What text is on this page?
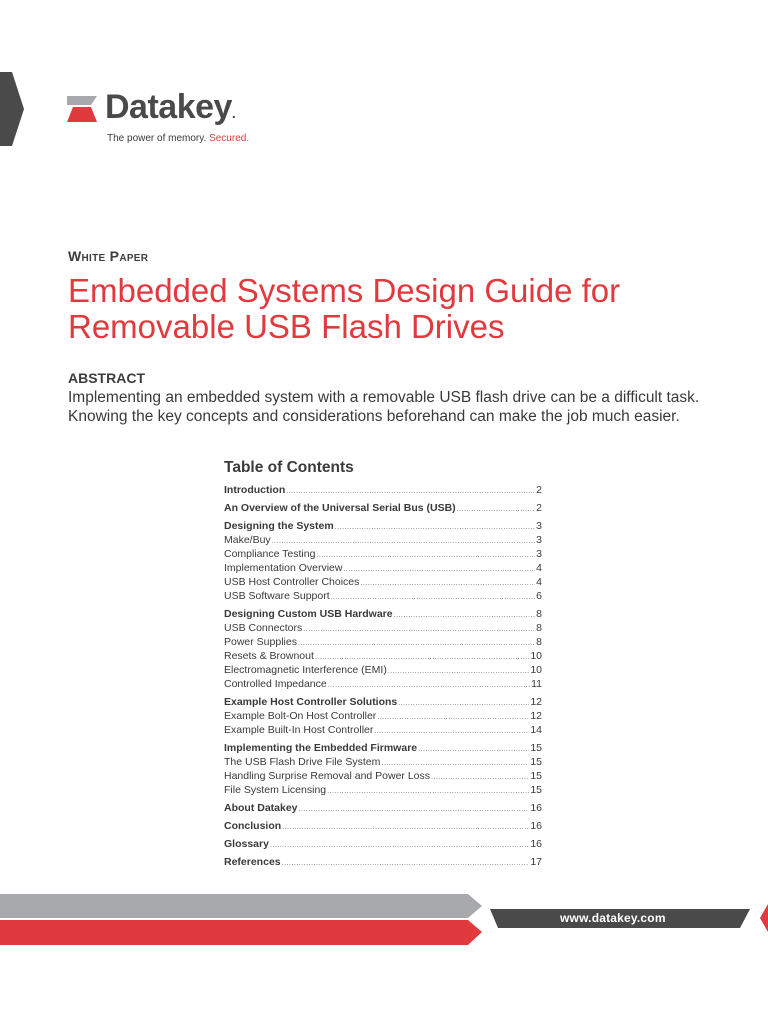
Datakey.
The power of memory. Secured.
White Paper
Embedded Systems Design Guide for Removable USB Flash Drives
ABSTRACT
Implementing an embedded system with a removable USB flash drive can be a difficult task. Knowing the key concepts and considerations beforehand can make the job much easier.
Table of Contents
Introduction .....	2
An Overview of the Universal Serial Bus (USB) .....	2
Designing the System .....	3
Make/Buy .....	3
Compliance Testing .....	3
Implementation Overview .....	4
USB Host Controller Choices .....	4
USB Software Support .....	6
Designing Custom USB Hardware .....	8
USB Connectors .....	8
Power Supplies .....	8
Resets & Brownout .....	10
Electromagnetic Interference (EMI) .....	10
Controlled Impedance .....	11
Example Host Controller Solutions .....	12
Example Bolt-On Host Controller .....	12
Example Built-In Host Controller .....	14
Implementing the Embedded Firmware .....	15
The USB Flash Drive File System .....	15
Handling Surprise Removal and Power Loss .....	15
File System Licensing .....	15
About Datakey .....	16
Conclusion .....	16
Glossary .....	16
References .....	17
www.datakey.com
